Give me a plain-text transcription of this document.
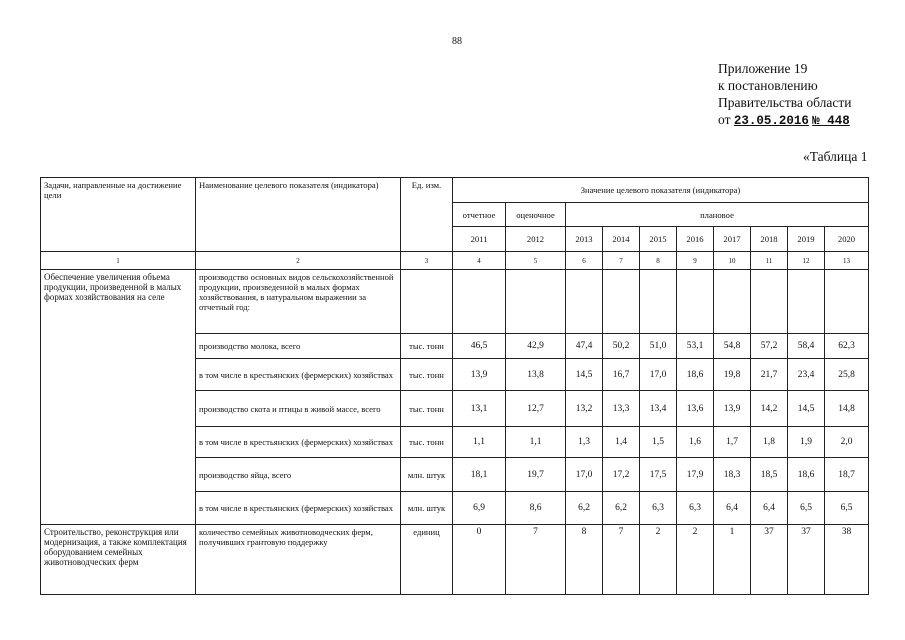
88
Приложение 19
к постановлению
Правительства области
от 23.05.2016 № 448
«Таблица 1
Задачи, направленные на достижение цели	Наименование целевого показателя (индикатора)	Ед. изм.	Значение целевого показателя (индикатора)									
			отчетное	оценочное	плановое							
			2011	2012	2013	2014	2015	2016	2017	2018	2019	2020
1	2	3	4	5	6	7	8	9	10	11	12	13
Обеспечение увеличения объема продукции, произведенной в малых формах хозяйствования на селе	производство основных видов сельскохозяйственной продукции, произведенной в малых формах хозяйствования, в натуральном выражении за отчетный год:											
	производство молока, всего	тыс. тонн	46,5	42,9	47,4	50,2	51,0	53,1	54,8	57,2	58,4	62,3
	в том числе в крестьянских (фермерских) хозяйствах	тыс. тонн	13,9	13,8	14,5	16,7	17,0	18,6	19,8	21,7	23,4	25,8
	производство скота и птицы в живой массе, всего	тыс. тонн	13,1	12,7	13,2	13,3	13,4	13,6	13,9	14,2	14,5	14,8
	в том числе в крестьянских (фермерских) хозяйствах	тыс. тонн	1,1	1,1	1,3	1,4	1,5	1,6	1,7	1,8	1,9	2,0
	производство яйца, всего	млн. штук	18,1	19,7	17,0	17,2	17,5	17,9	18,3	18,5	18,6	18,7
	в том числе в крестьянских (фермерских) хозяйствах	млн. штук	6,9	8,6	6,2	6,2	6,3	6,3	6,4	6,4	6,5	6,5
Строительство, реконструкция или модернизация, а также комплектация оборудованием семейных животноводческих ферм	количество семейных животноводческих ферм, получивших грантовую поддержку	единиц	0	7	8	7	2	2	1	37	37	38
